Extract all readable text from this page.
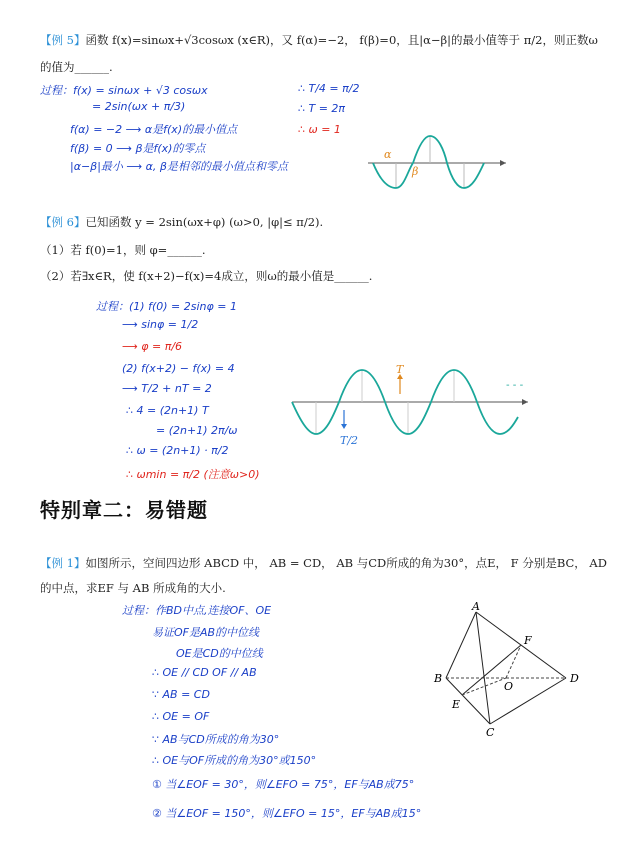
【例 5】函数 f(x)=sinωx+√3cosωx (x∈R)，又 f(α)=−2， f(β)=0，且|α−β|的最小值等于 π/2，则正数ω
的值为______.
过程：f(x) = sinωx + √3 cosωx
= 2sin(ωx + π/3)
f(α) = −2 ⟶ α是f(x)的最小值点
f(β) = 0 ⟶ β是f(x)的零点
|α−β|最小 ⟶ α, β是相邻的最小值点和零点
∴ T/4 = π/2
∴ T = 2π
∴ ω = 1
α
β
【例 6】已知函数 y = 2sin(ωx+φ) (ω>0, |φ|≤ π/2).
（1）若 f(0)=1，则 φ=______.
（2）若∃x∈R，使 f(x+2)−f(x)=4成立，则ω的最小值是______.
过程：(1) f(0) = 2sinφ = 1
⟶ sinφ = 1/2
⟶ φ = π/6
(2) f(x+2) − f(x) = 4
⟶ T/2 + nT = 2
∴ 4 = (2n+1) T
= (2n+1) 2π/ω
∴ ω = (2n+1) · π/2
∴ ωmin = π/2 (注意ω>0)
T
T/2
- - -
特别章二：易错题
【例 1】如图所示，空间四边形 ABCD 中， AB = CD， AB 与CD所成的角为30°，点E， F 分别是BC， AD
的中点，求EF 与 AB 所成角的大小.
过程：作BD中点,连接OF、OE
易证OF是AB的中位线
OE是CD的中位线
∴ OE // CD OF // AB
∵ AB = CD
∴ OE = OF
∵ AB与CD所成的角为30°
∴ OE与OF所成的角为30°或150°
① 当∠EOF = 30°，则∠EFO = 75°，EF与AB成75°
② 当∠EOF = 150°，则∠EFO = 15°，EF与AB成15°
A
B
C
D
E
F
O
